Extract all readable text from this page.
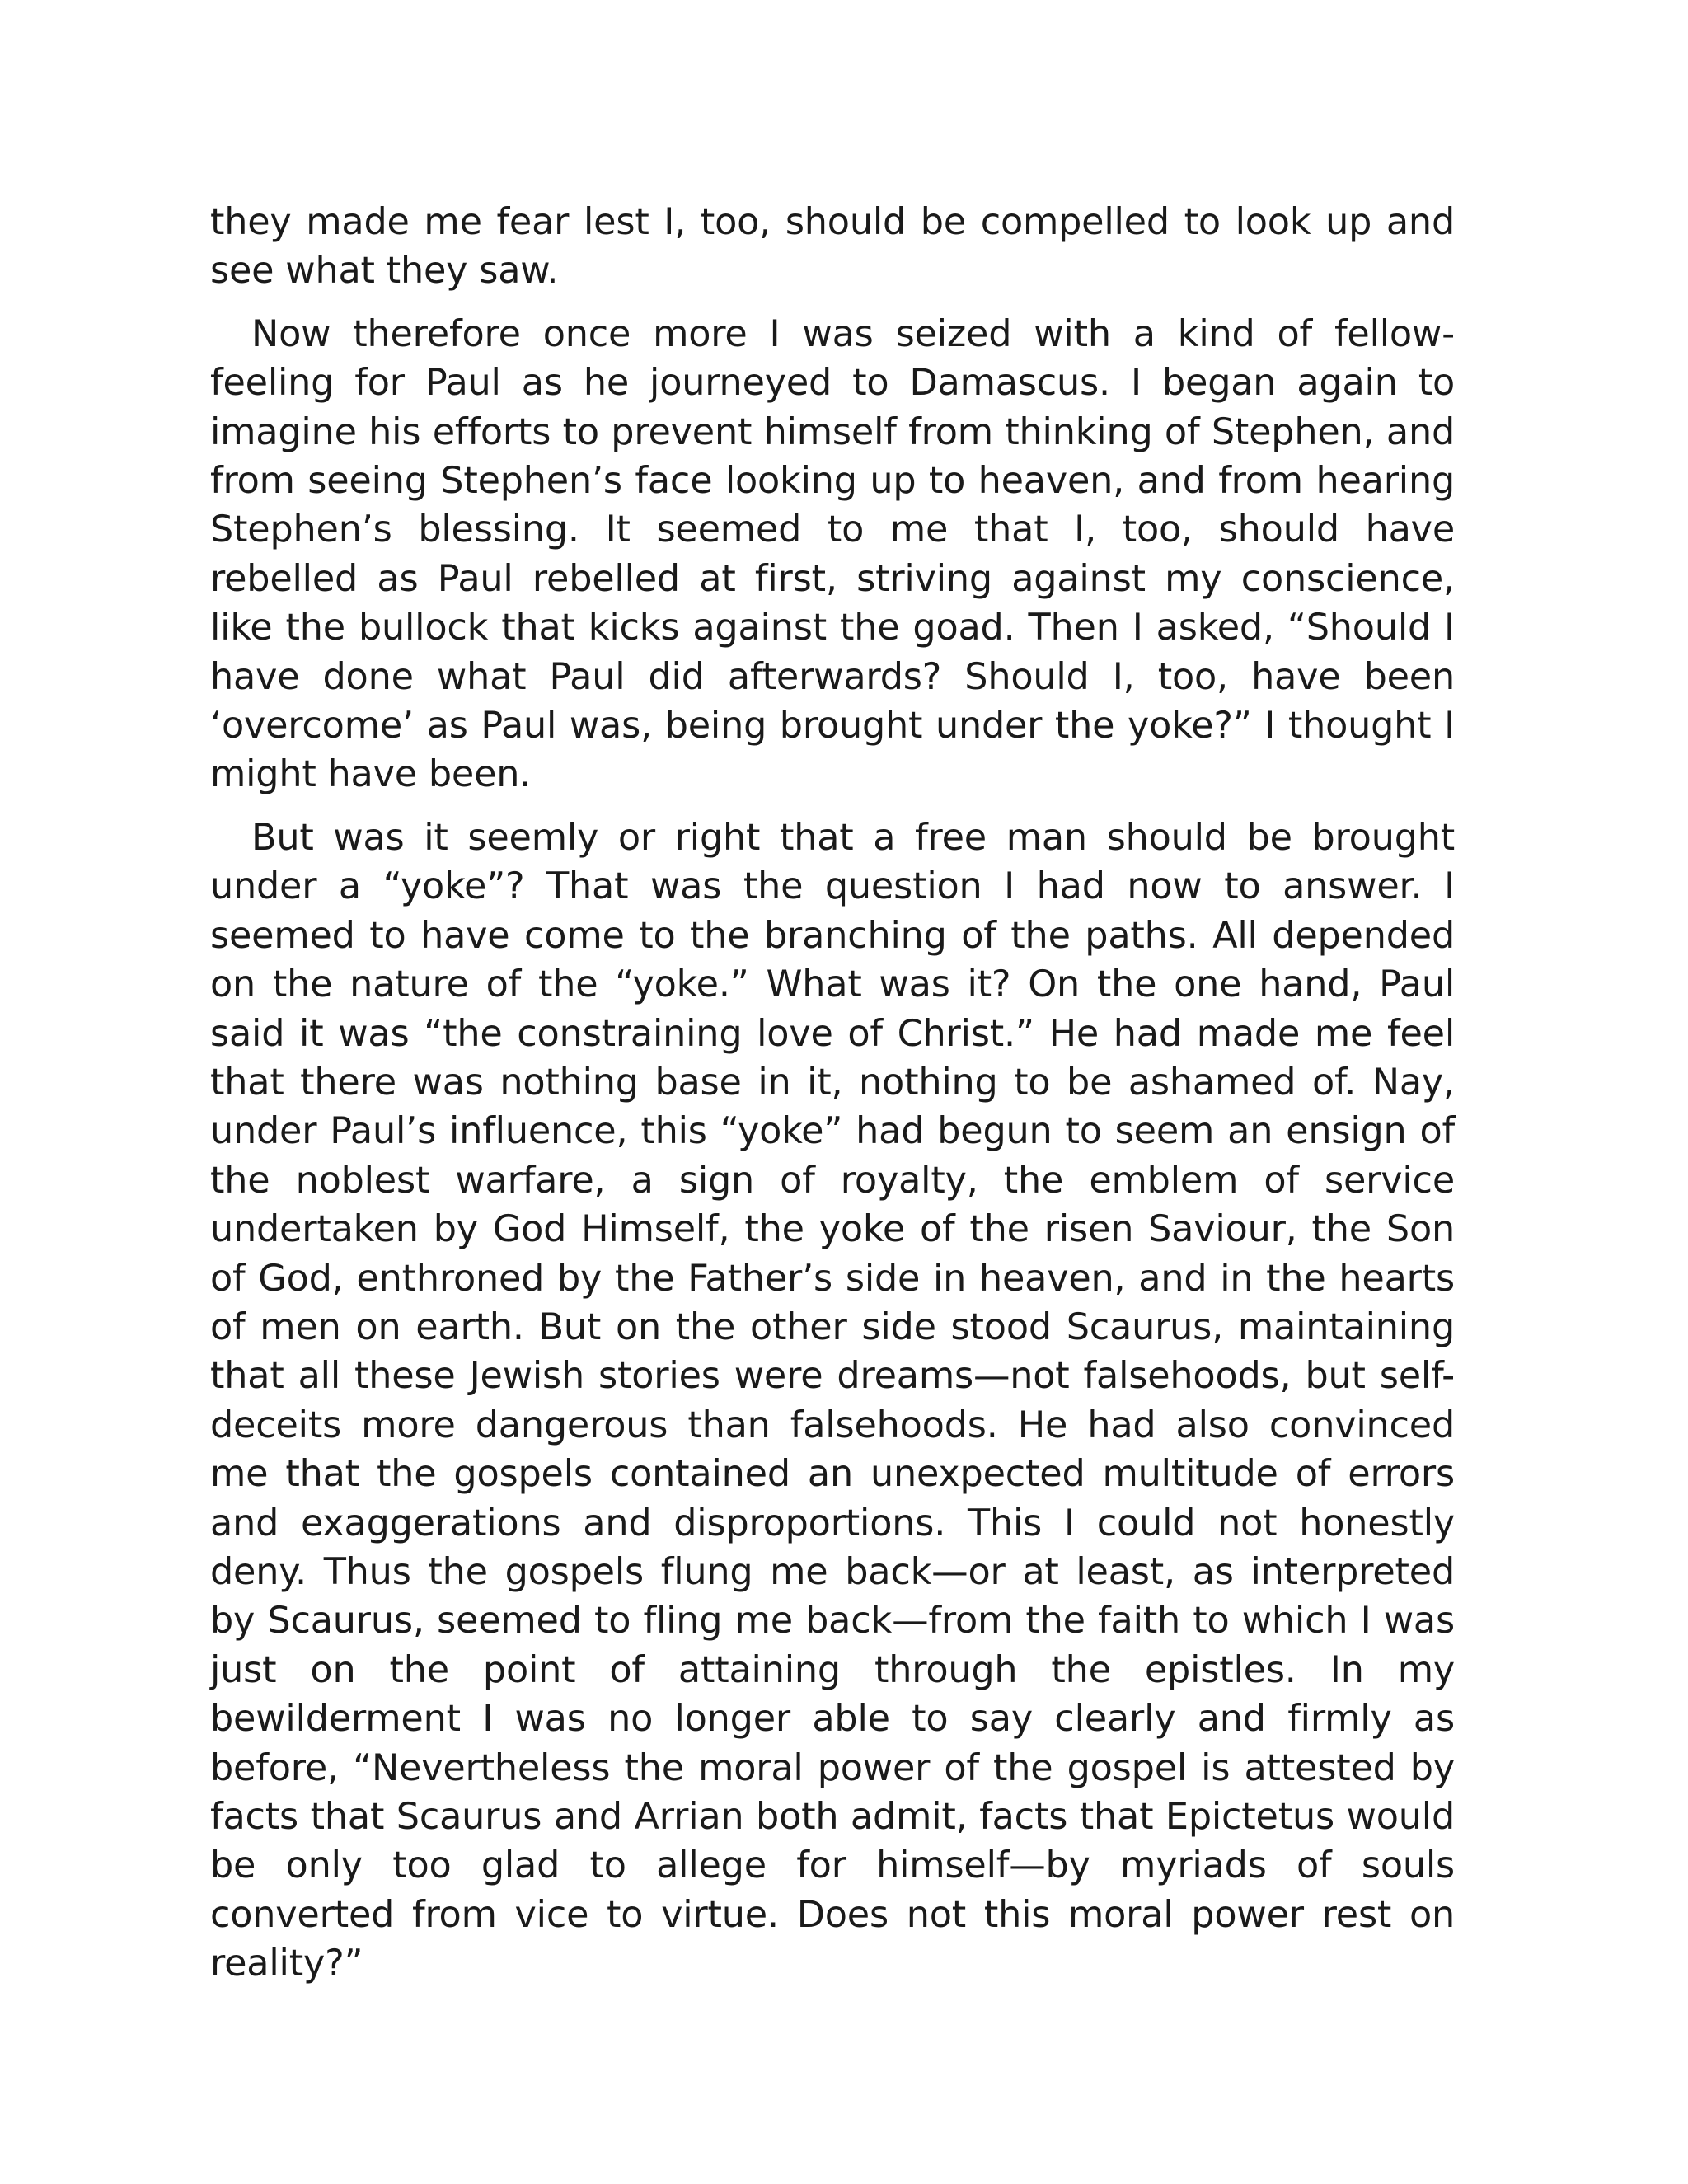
they made me fear lest I, too, should be compelled to look up and see what they saw.

Now therefore once more I was seized with a kind of fellow-feeling for Paul as he journeyed to Damascus. I began again to imagine his efforts to prevent himself from thinking of Stephen, and from seeing Stephen’s face looking up to heaven, and from hearing Stephen’s blessing. It seemed to me that I, too, should have rebelled as Paul rebelled at first, striving against my conscience, like the bullock that kicks against the goad. Then I asked, “Should I have done what Paul did afterwards? Should I, too, have been ‘overcome’ as Paul was, being brought under the yoke?” I thought I might have been.

But was it seemly or right that a free man should be brought under a “yoke”? That was the question I had now to answer. I seemed to have come to the branching of the paths. All depended on the nature of the “yoke.” What was it? On the one hand, Paul said it was “the constraining love of Christ.” He had made me feel that there was nothing base in it, nothing to be ashamed of. Nay, under Paul’s influence, this “yoke” had begun to seem an ensign of the noblest warfare, a sign of royalty, the emblem of service undertaken by God Himself, the yoke of the risen Saviour, the Son of God, enthroned by the Father’s side in heaven, and in the hearts of men on earth. But on the other side stood Scaurus, maintaining that all these Jewish stories were dreams—not falsehoods, but self-deceits more dangerous than falsehoods. He had also convinced me that the gospels contained an unexpected multitude of errors and exaggerations and disproportions. This I could not honestly deny. Thus the gospels flung me back—or at least, as interpreted by Scaurus, seemed to fling me back—from the faith to which I was just on the point of attaining through the epistles. In my bewilderment I was no longer able to say clearly and firmly as before, “Nevertheless the moral power of the gospel is attested by facts that Scaurus and Arrian both admit, facts that Epictetus would be only too glad to allege for himself—by myriads of souls converted from vice to virtue. Does not this moral power rest on reality?”
